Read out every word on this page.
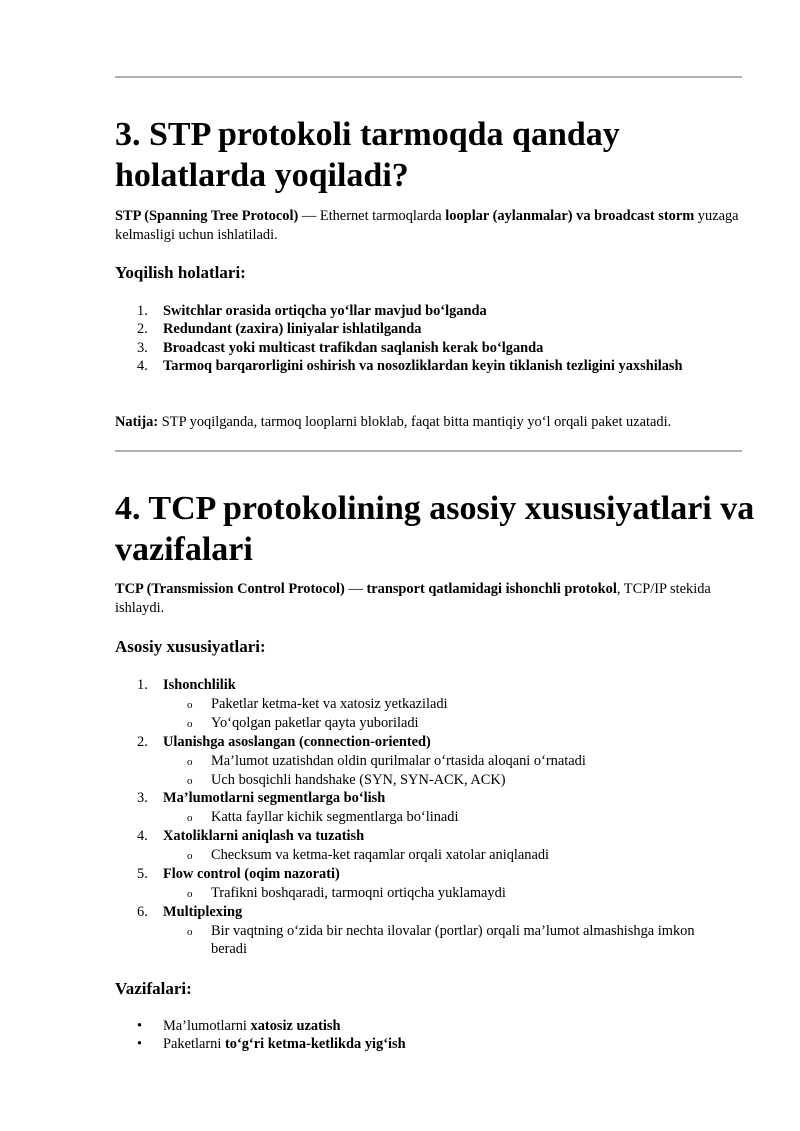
3. STP protokoli tarmoqda qanday
holatlarda yoqiladi?

STP (Spanning Tree Protocol) — Ethernet tarmoqlarda looplar (aylanmalar) va broadcast storm yuzaga kelmasligi uchun ishlatiladi.

Yoqilish holatlari:
1. Switchlar orasida ortiqcha yo‘llar mavjud bo‘lganda
2. Redundant (zaxira) liniyalar ishlatilganda
3. Broadcast yoki multicast trafikdan saqlanish kerak bo‘lganda
4. Tarmoq barqarorligini oshirish va nosozliklardan keyin tiklanish tezligini yaxshilash

Natija: STP yoqilganda, tarmoq looplarni bloklab, faqat bitta mantiqiy yo‘l orqali paket uzatadi.

4. TCP protokolining asosiy xususiyatlari va
vazifalari

TCP (Transmission Control Protocol) — transport qatlamidagi ishonchli protokol, TCP/IP stekida ishlaydi.

Asosiy xususiyatlari:
1. Ishonchlilik
o Paketlar ketma-ket va xatosiz yetkaziladi
o Yo‘qolgan paketlar qayta yuboriladi
2. Ulanishga asoslangan (connection-oriented)
o Ma’lumot uzatishdan oldin qurilmalar o‘rtasida aloqani o‘rnatadi
o Uch bosqichli handshake (SYN, SYN-ACK, ACK)
3. Ma’lumotlarni segmentlarga bo‘lish
o Katta fayllar kichik segmentlarga bo‘linadi
4. Xatoliklarni aniqlash va tuzatish
o Checksum va ketma-ket raqamlar orqali xatolar aniqlanadi
5. Flow control (oqim nazorati)
o Trafikni boshqaradi, tarmoqni ortiqcha yuklamaydi
6. Multiplexing
o Bir vaqtning o‘zida bir nechta ilovalar (portlar) orqali ma’lumot almashishga imkon beradi
Vazifalari:
• Ma’lumotlarni xatosiz uzatish
• Paketlarni to‘g‘ri ketma-ketlikda yig‘ish
